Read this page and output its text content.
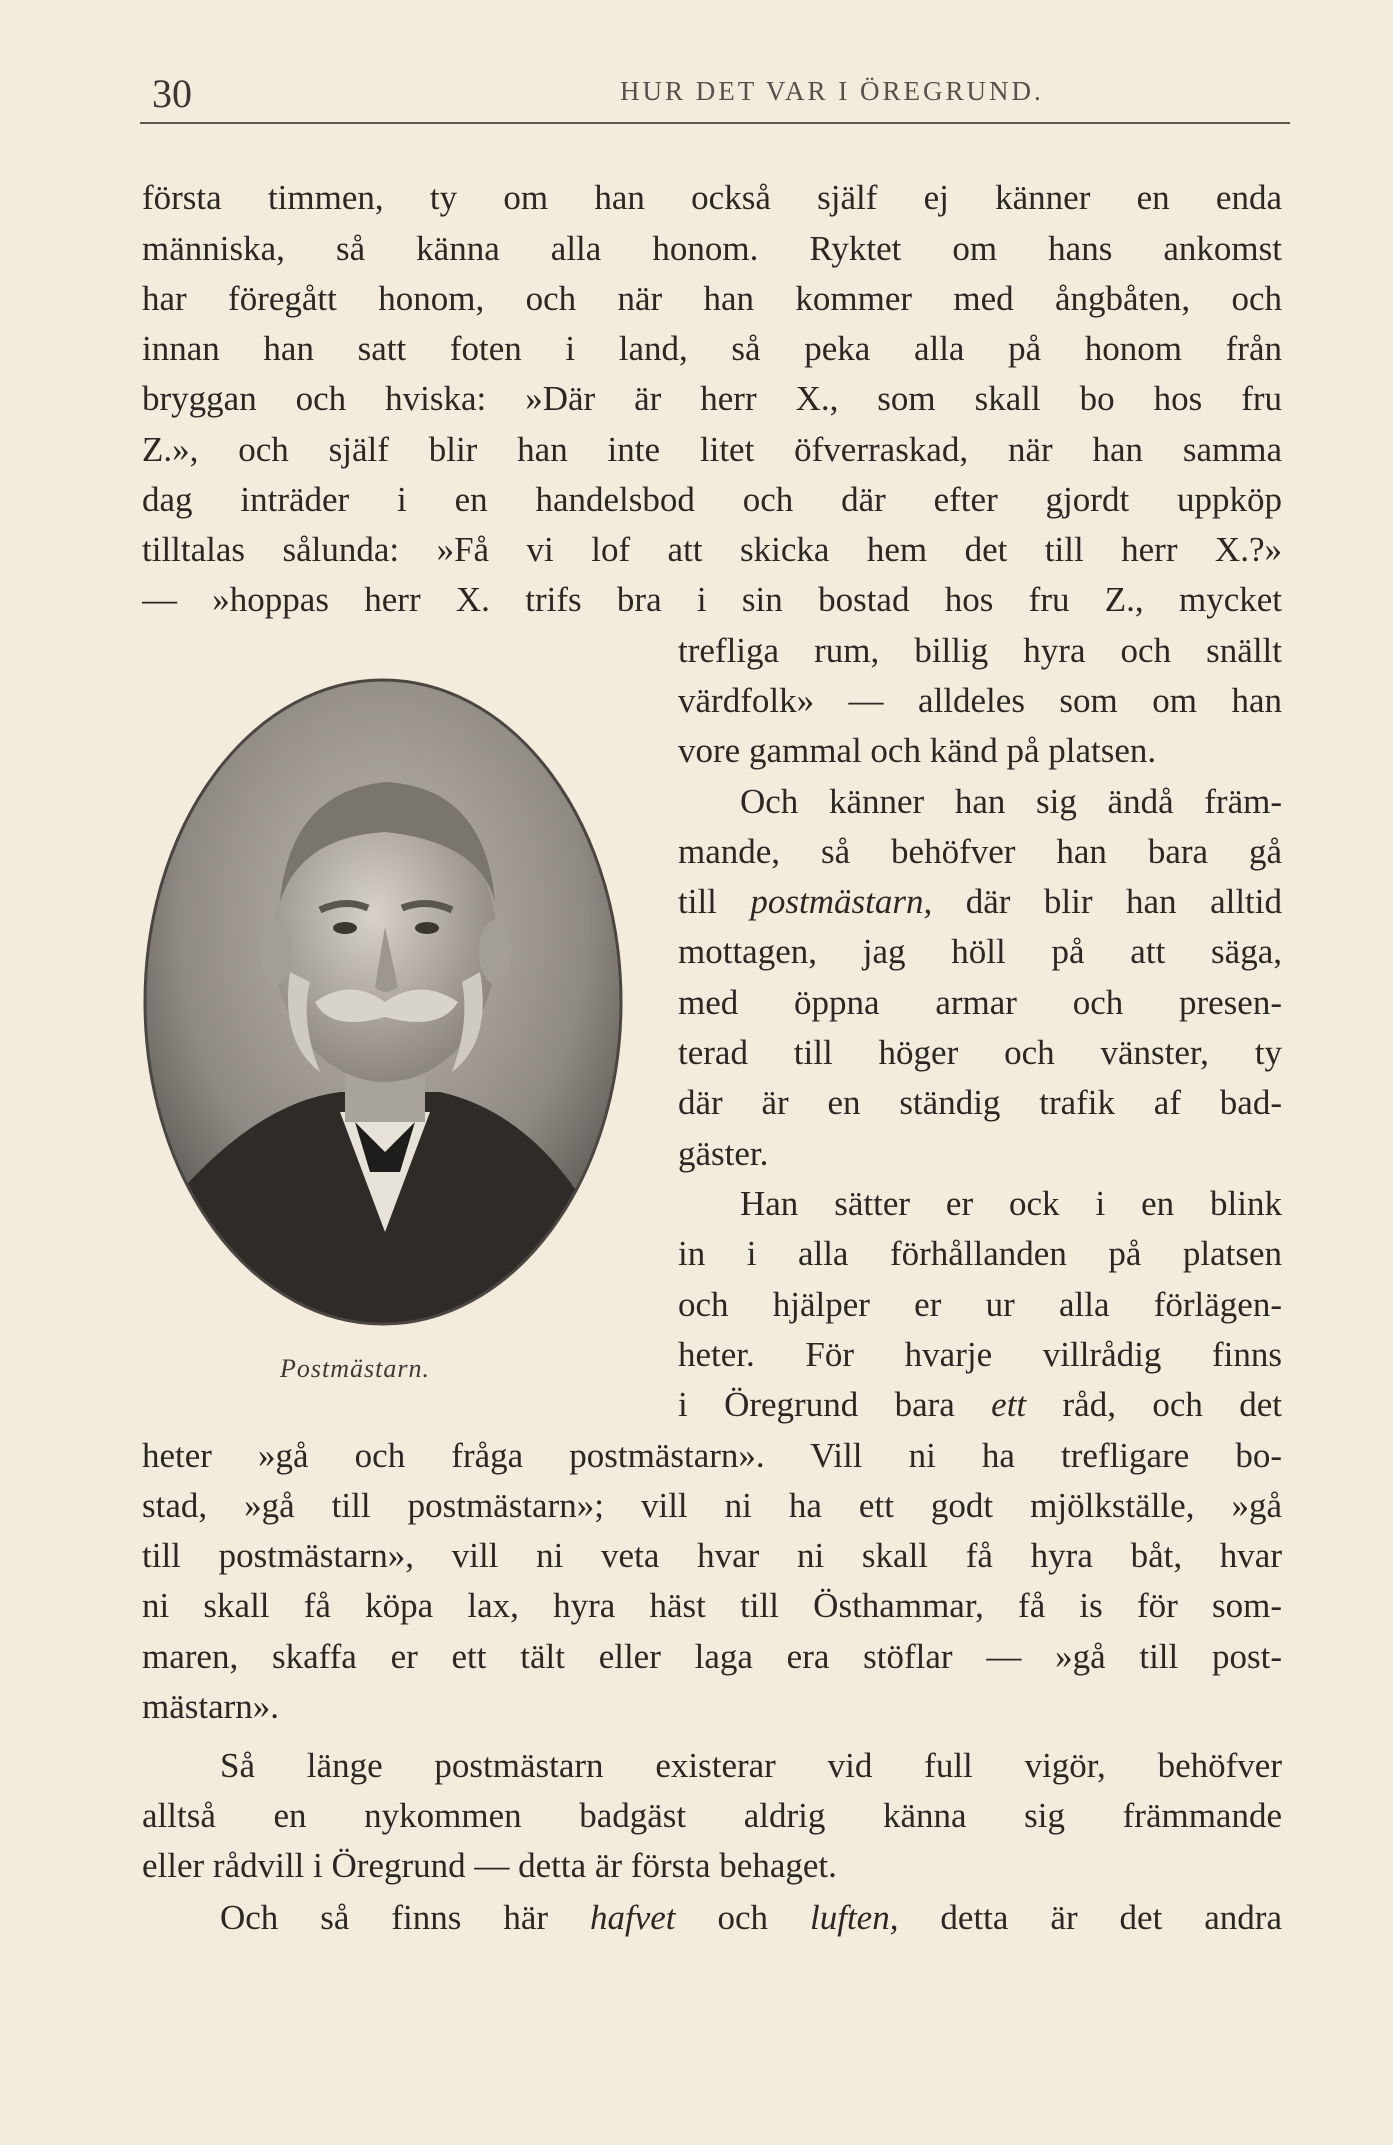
30	HUR DET VAR I ÖREGRUND.
första timmen, ty om han också själf ej känner en enda
människa, så känna alla honom. Ryktet om hans ankomst
har föregått honom, och när han kommer med ångbåten, och
innan han satt foten i land, så peka alla på honom från
bryggan och hviska: »Där är herr X., som skall bo hos fru
Z.», och själf blir han inte litet öfverraskad, när han samma
dag inträder i en handelsbod och där efter gjordt uppköp
tilltalas sålunda: »Få vi lof att skicka hem det till herr X.?»
— »hoppas herr X. trifs bra i sin bostad hos fru Z., mycket
trefliga rum, billig hyra och snällt
värdfolk» — alldeles som om han
vore gammal och känd på platsen.
Och känner han sig ändå främ-
mande, så behöfver han bara gå
till postmästarn, där blir han alltid
mottagen, jag höll på att säga,
med öppna armar och presen-
terad till höger och vänster, ty
där är en ständig trafik af bad-
gäster.
Han sätter er ock i en blink
in i alla förhållanden på platsen
och hjälper er ur alla förlägen-
heter. För hvarje villrådig finns
i Öregrund bara ett råd, och det
heter »gå och fråga postmästarn». Vill ni ha trefligare bo-
stad, »gå till postmästarn»; vill ni ha ett godt mjölkställe, »gå
till postmästarn», vill ni veta hvar ni skall få hyra båt, hvar
ni skall få köpa lax, hyra häst till Östhammar, få is för som-
maren, skaffa er ett tält eller laga era stöflar — »gå till post-
mästarn».
Så länge postmästarn existerar vid full vigör, behöfver
alltså en nykommen badgäst aldrig känna sig främmande
eller rådvill i Öregrund — detta är första behaget.
Och så finns här hafvet och luften, detta är det andra
Postmästarn.
